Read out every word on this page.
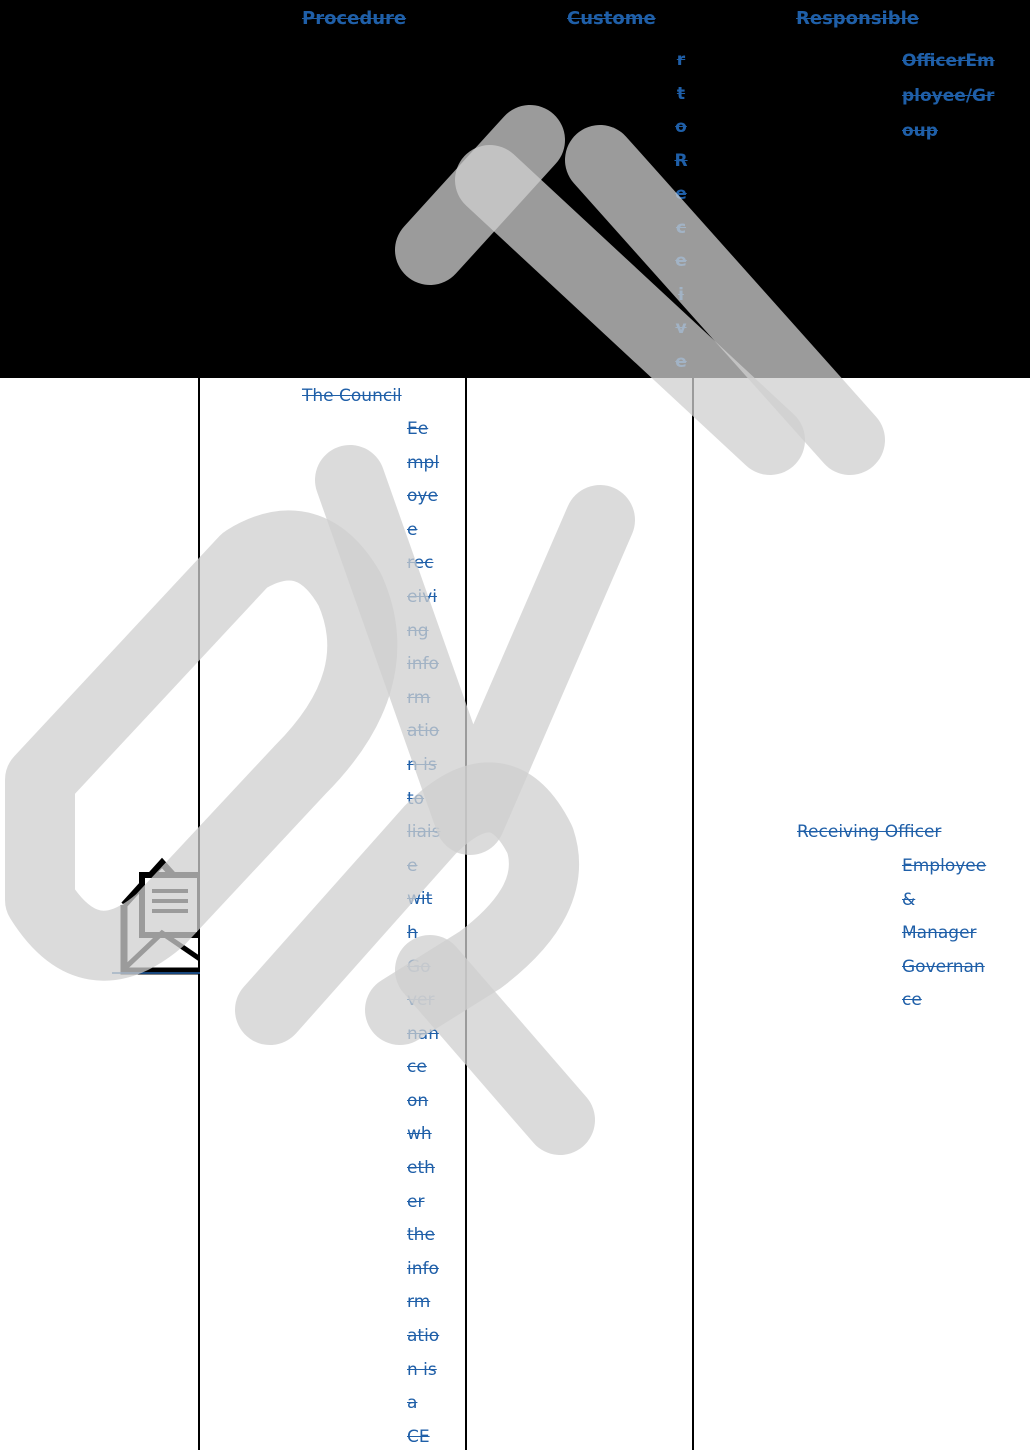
Procedure	Custome
r
t
o
R
e
c
e
i
v
e
Responsible
OfficerEm
ployee/Gr
oup
The Council
Ee
mpl
oye
e
rec
eivi
ng
info
rm
atio
n is
to
liais
e
wit
h
Go
ver
nan
ce
on
wh
eth
er
the
info
rm
atio
n is
a
CE
Receiving Officer
Employee
&
Manager
Governan
ce
